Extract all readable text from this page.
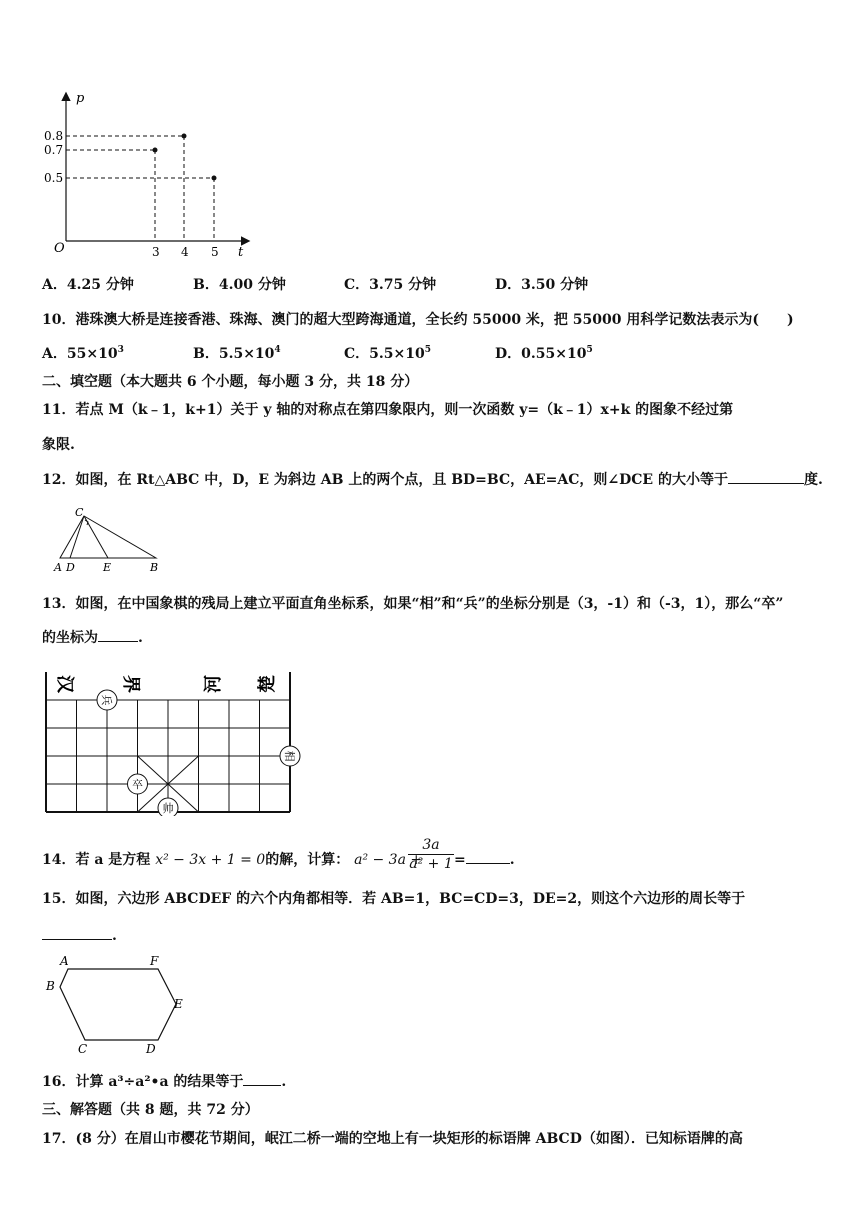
p
t
O
0.8
0.7
0.5
3 4 5
A．4.25 分钟	B．4.00 分钟	C．3.75 分钟	D．3.50 分钟
10．港珠澳大桥是连接香港、珠海、澳门的超大型跨海通道，全长约 55000 米，把 55000 用科学记数法表示为(　　)
A．$55\times 10^3$	B．$5.5\times 10^4$	C．$5.5\times 10^5$	D．$0.55\times 10^5$
二、填空题（本大题共 6 个小题，每小题 3 分，共 18 分）
11．若点 M（k﹣1，k+1）关于 y 轴的对称点在第四象限内，则一次函数 y=（k﹣1）x+k 的图象不经过第
象限.
12．如图，在 Rt△ABC 中，D，E 为斜边 AB 上的两个点，且 BD=BC，AE=AC，则∠DCE 的大小等于	度.
C
A D	E	B
13．如图，在中国象棋的残局上建立平面直角坐标系，如果“相”和“兵”的坐标分别是（3，-1）和（-3，1），那么“卒”
的坐标为	.
汉	界	河 楚
兵
相
卒
帅
14．若 a 是方程 x² − 3x + 1 = 0的解，计算： a² − 3a +
3a
a² + 1 =	.
15．如图，六边形 ABCDEF 的六个内角都相等．若 AB=1，BC=CD=3，DE=2，则这个六边形的周长等于
.
A	F
B
E
C	D
16．计算 a³÷a²•a 的结果等于	.
三、解答题（共 8 题，共 72 分）
17．(8 分）在眉山市樱花节期间，岷江二桥一端的空地上有一块矩形的标语牌 ABCD（如图）．已知标语牌的高
